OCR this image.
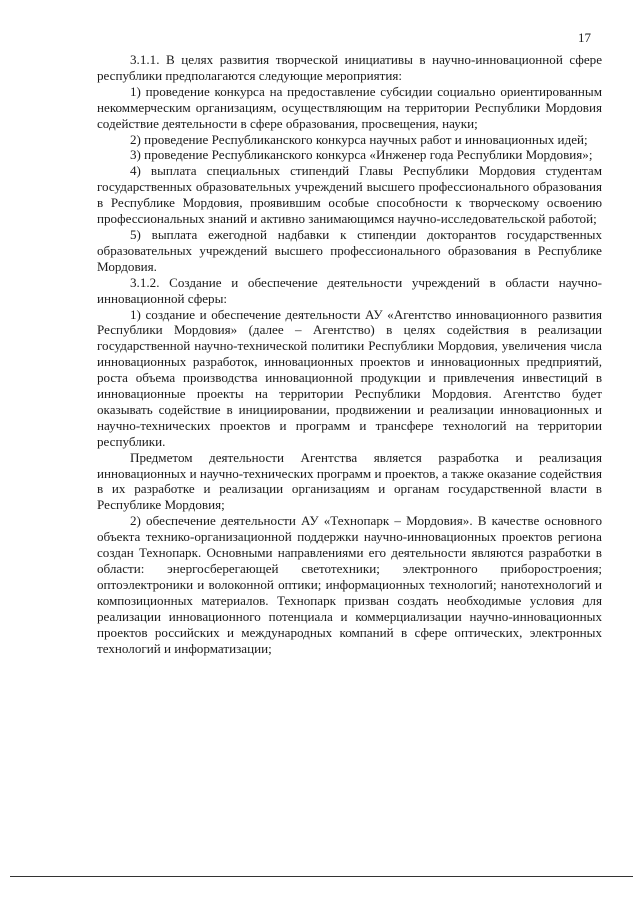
17

3.1.1. В целях развития творческой инициативы в научно-инновационной сфере республики предполагаются следующие мероприятия:

1) проведение конкурса на предоставление субсидии социально ориентированным некоммерческим организациям, осуществляющим на территории Республики Мордовия содействие деятельности в сфере образования, просвещения, науки;

2) проведение Республиканского конкурса научных работ и инновационных идей;

3) проведение Республиканского конкурса «Инженер года Республики Мордовия»;

4) выплата специальных стипендий Главы Республики Мордовия студентам государственных образовательных учреждений высшего профессионального образования в Республике Мордовия, проявившим особые способности к творческому освоению профессиональных знаний и активно занимающимся научно-исследовательской работой;

5) выплата ежегодной надбавки к стипендии докторантов государственных образовательных учреждений высшего профессионального образования в Республике Мордовия.

3.1.2. Создание и обеспечение деятельности учреждений в области научно-инновационной сферы:

1) создание и обеспечение деятельности АУ «Агентство инновационного развития Республики Мордовия» (далее – Агентство) в целях содействия в реализации государственной научно-технической политики Республики Мордовия, увеличения числа инновационных разработок, инновационных проектов и инновационных предприятий, роста объема производства инновационной продукции и привлечения инвестиций в инновационные проекты на территории Республики Мордовия. Агентство будет оказывать содействие в инициировании, продвижении и реализации инновационных и научно-технических проектов и программ и трансфере технологий на территории республики.

Предметом деятельности Агентства является разработка и реализация инновационных и научно-технических программ и проектов, а также оказание содействия в их разработке и реализации организациям и органам государственной власти в Республике Мордовия;

2) обеспечение деятельности АУ «Технопарк – Мордовия». В качестве основного объекта технико-организационной поддержки научно-инновационных проектов региона создан Технопарк. Основными направлениями его деятельности являются разработки в области: энергосберегающей светотехники; электронного приборостроения; оптоэлектроники и волоконной оптики; информационных технологий; нанотехнологий и композиционных материалов. Технопарк призван создать необходимые условия для реализации инновационного потенциала и коммерциализации научно-инновационных проектов российских и международных компаний в сфере оптических, электронных технологий и информатизации;
